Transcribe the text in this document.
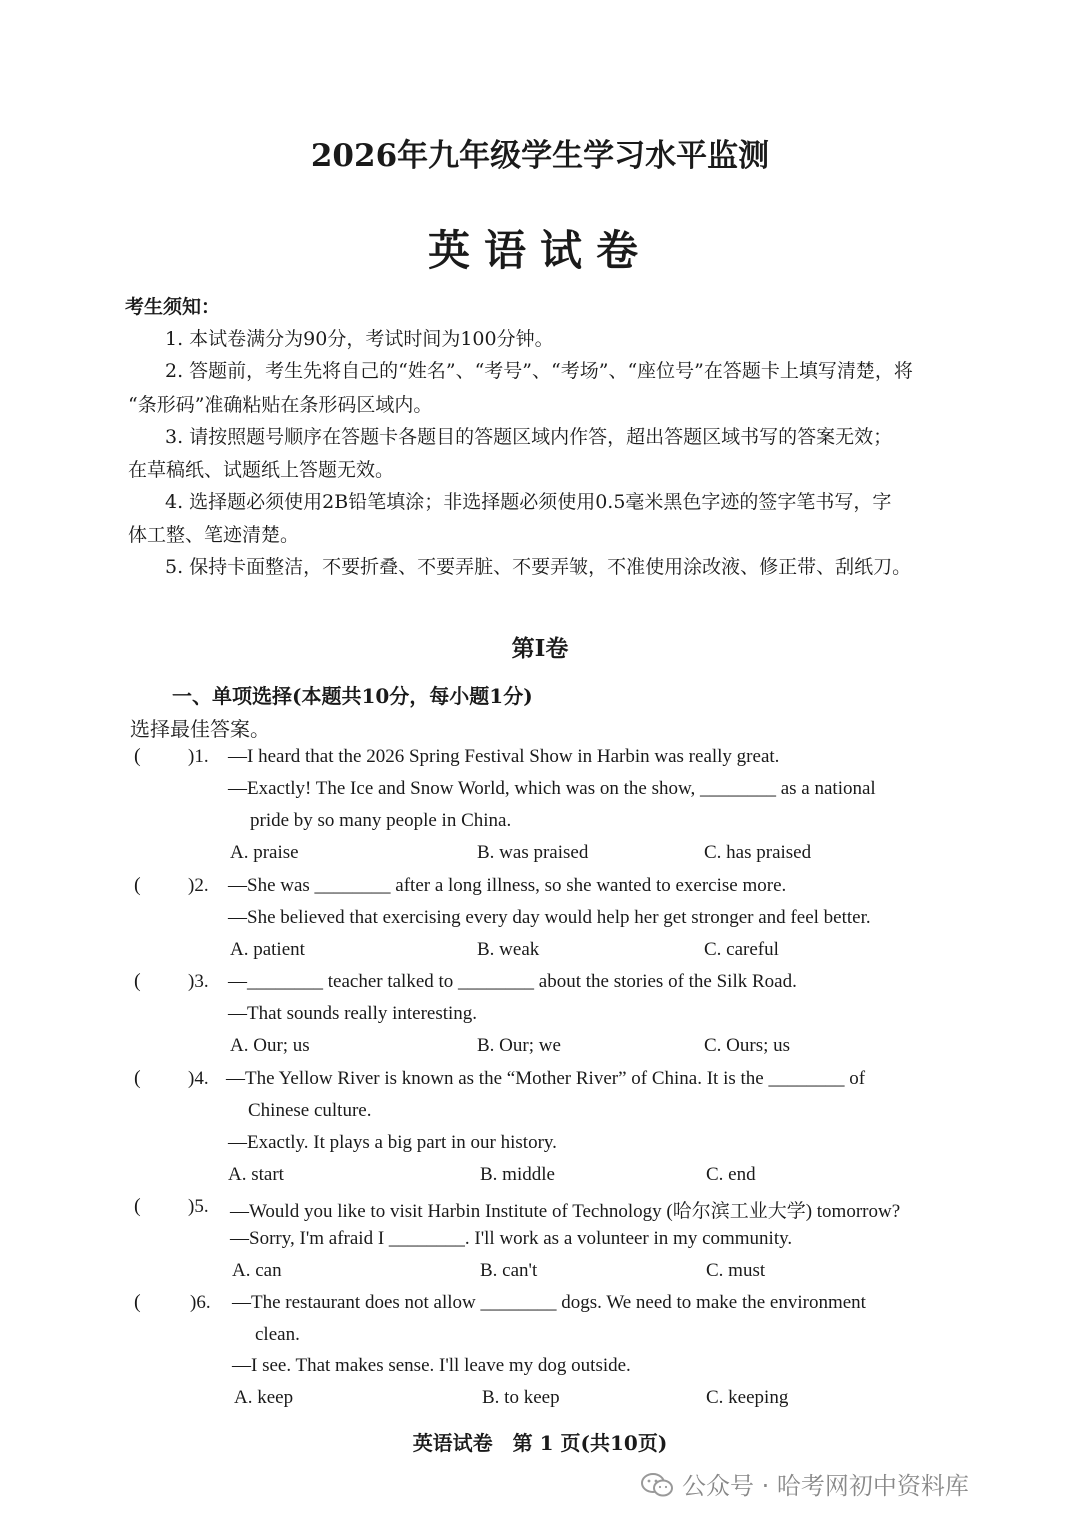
2026年九年级学生学习水平监测
英语试卷
考生须知：
1. 本试卷满分为90分，考试时间为100分钟。
2. 答题前，考生先将自己的“姓名”、“考号”、“考场”、“座位号”在答题卡上填写清楚，将
“条形码”准确粘贴在条形码区域内。
3. 请按照题号顺序在答题卡各题目的答题区域内作答，超出答题区域书写的答案无效；
在草稿纸、试题纸上答题无效。
4. 选择题必须使用2B铅笔填涂；非选择题必须使用0.5毫米黑色字迹的签字笔书写，字
体工整、笔迹清楚。
5. 保持卡面整洁，不要折叠、不要弄脏、不要弄皱，不准使用涂改液、修正带、刮纸刀。
第Ⅰ卷
一、单项选择(本题共10分，每小题1分)
选择最佳答案。
( )1. —I heard that the 2026 Spring Festival Show in Harbin was really great.
—Exactly! The Ice and Snow World, which was on the show, ________ as a national
pride by so many people in China.
A. praise	B. was praised	C. has praised
( )2. —She was ________ after a long illness, so she wanted to exercise more.
—She believed that exercising every day would help her get stronger and feel better.
A. patient	B. weak	C. careful
( )3. —________ teacher talked to ________ about the stories of the Silk Road.
—That sounds really interesting.
A. Our; us	B. Our; we	C. Ours; us
( )4. —The Yellow River is known as the “Mother River” of China. It is the ________ of
Chinese culture.
—Exactly. It plays a big part in our history.
A. start	B. middle	C. end
( )5. —Would you like to visit Harbin Institute of Technology (哈尔滨工业大学) tomorrow?
—Sorry, I'm afraid I ________. I'll work as a volunteer in my community.
A. can	B. can't	C. must
(	)6. —The restaurant does not allow ________ dogs. We need to make the environment
clean.
—I see. That makes sense. I'll leave my dog outside.
A. keep	B. to keep	C. keeping
英语试卷　第 1 页(共10页)
公众号 · 哈考网初中资料库
